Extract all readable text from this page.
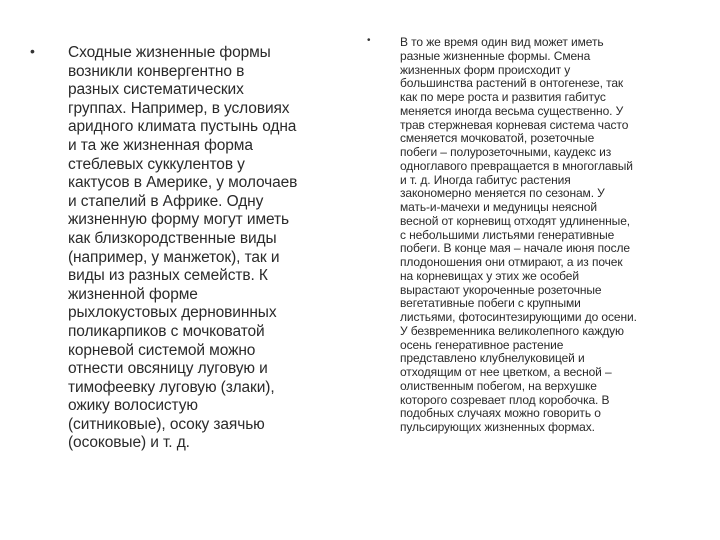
• Сходные жизненные формы
возникли конвергентно в
разных систематических
группах. Например, в условиях
аридного климата пустынь одна
и та же жизненная форма
стеблевых суккулентов у
кактусов в Америке, у молочаев
и стапелий в Африке. Одну
жизненную форму могут иметь
как близкородственные виды
(например, у манжеток), так и
виды из разных семейств. К
жизненной форме
рыхлокустовых дерновинных
поликарпиков с мочковатой
корневой системой можно
отнести овсяницу луговую и
тимофеевку луговую (злаки),
ожику волосистую
(ситниковые), осоку заячью
(осоковые) и т. д.
• В то же время один вид может иметь
разные жизненные формы. Смена
жизненных форм происходит у
большинства растений в онтогенезе, так
как по мере роста и развития габитус
меняется иногда весьма существенно. У
трав стержневая корневая система часто
сменяется мочковатой, розеточные
побеги – полурозеточными, каудекс из
одноглавого превращается в многоглавый
и т. д. Иногда габитус растения
закономерно меняется по сезонам. У
мать-и-мачехи и медуницы неясной
весной от корневищ отходят удлиненные,
с небольшими листьями генеративные
побеги. В конце мая – начале июня после
плодоношения они отмирают, а из почек
на корневищах у этих же особей
вырастают укороченные розеточные
вегетативные побеги с крупными
листьями, фотосинтезирующими до осени.
У безвременника великолепного каждую
осень генеративное растение
представлено клубнелуковицей и
отходящим от нее цветком, а весной –
олиственным побегом, на верхушке
которого созревает плод коробочка. В
подобных случаях можно говорить о
пульсирующих жизненных формах.
